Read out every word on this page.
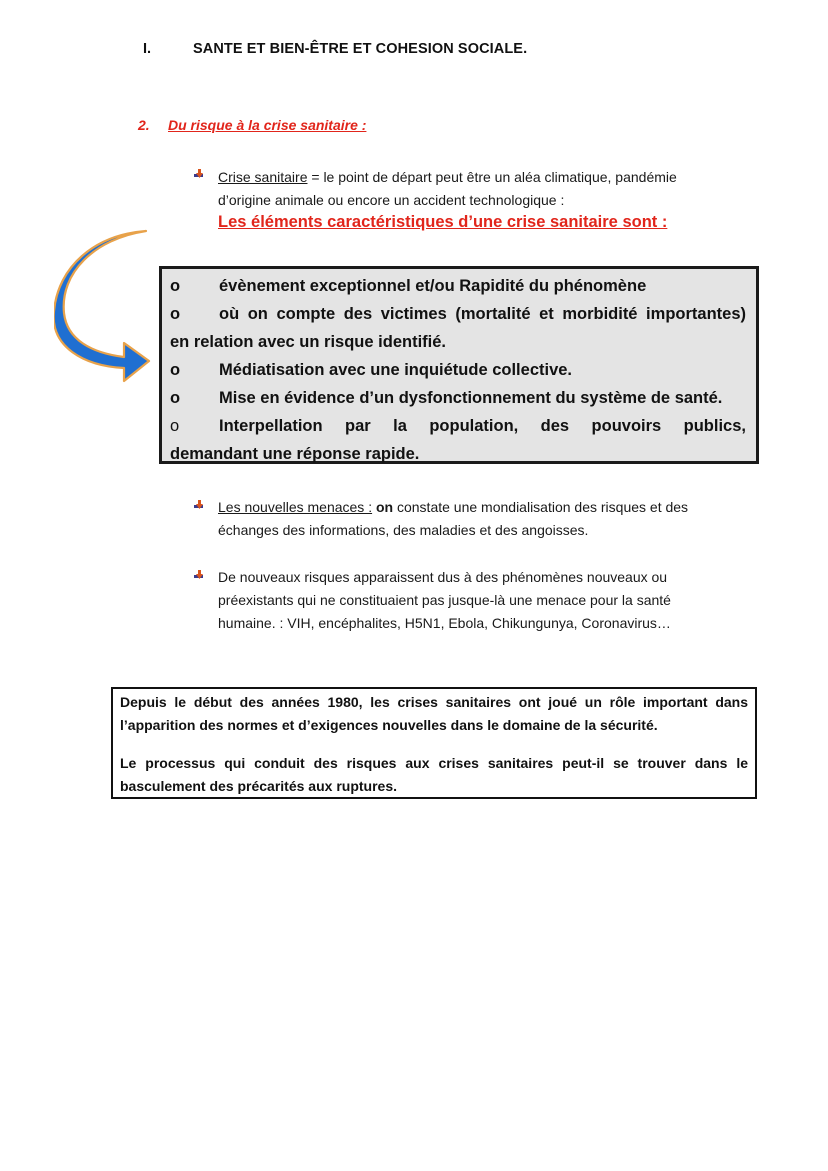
I.	SANTE ET BIEN-ÊTRE ET COHESION SOCIALE.
2. Du risque à la crise sanitaire :
Crise sanitaire = le point de départ peut être un aléa climatique, pandémie
d’origine animale ou encore un accident technologique :
Les éléments caractéristiques d’une crise sanitaire sont :
o	évènement exceptionnel et/ou Rapidité du phénomène
o	où on compte des victimes (mortalité et morbidité importantes)
en relation avec un risque identifié.
o	Médiatisation avec une inquiétude collective.
o	Mise en évidence d’un dysfonctionnement du système de santé.
o	Interpellation par la population, des pouvoirs publics,
demandant une réponse rapide.
Les nouvelles menaces : on constate une mondialisation des risques et des
échanges des informations, des maladies et des angoisses.
De nouveaux risques apparaissent dus à des phénomènes nouveaux ou
préexistants qui ne constituaient pas jusque-là une menace pour la santé
humaine. : VIH, encéphalites, H5N1, Ebola, Chikungunya, Coronavirus…
Depuis le début des années 1980, les crises sanitaires ont joué un rôle important dans
l’apparition des normes et d’exigences nouvelles dans le domaine de la sécurité.
Le processus qui conduit des risques aux crises sanitaires peut-il se trouver dans le
basculement des précarités aux ruptures.
